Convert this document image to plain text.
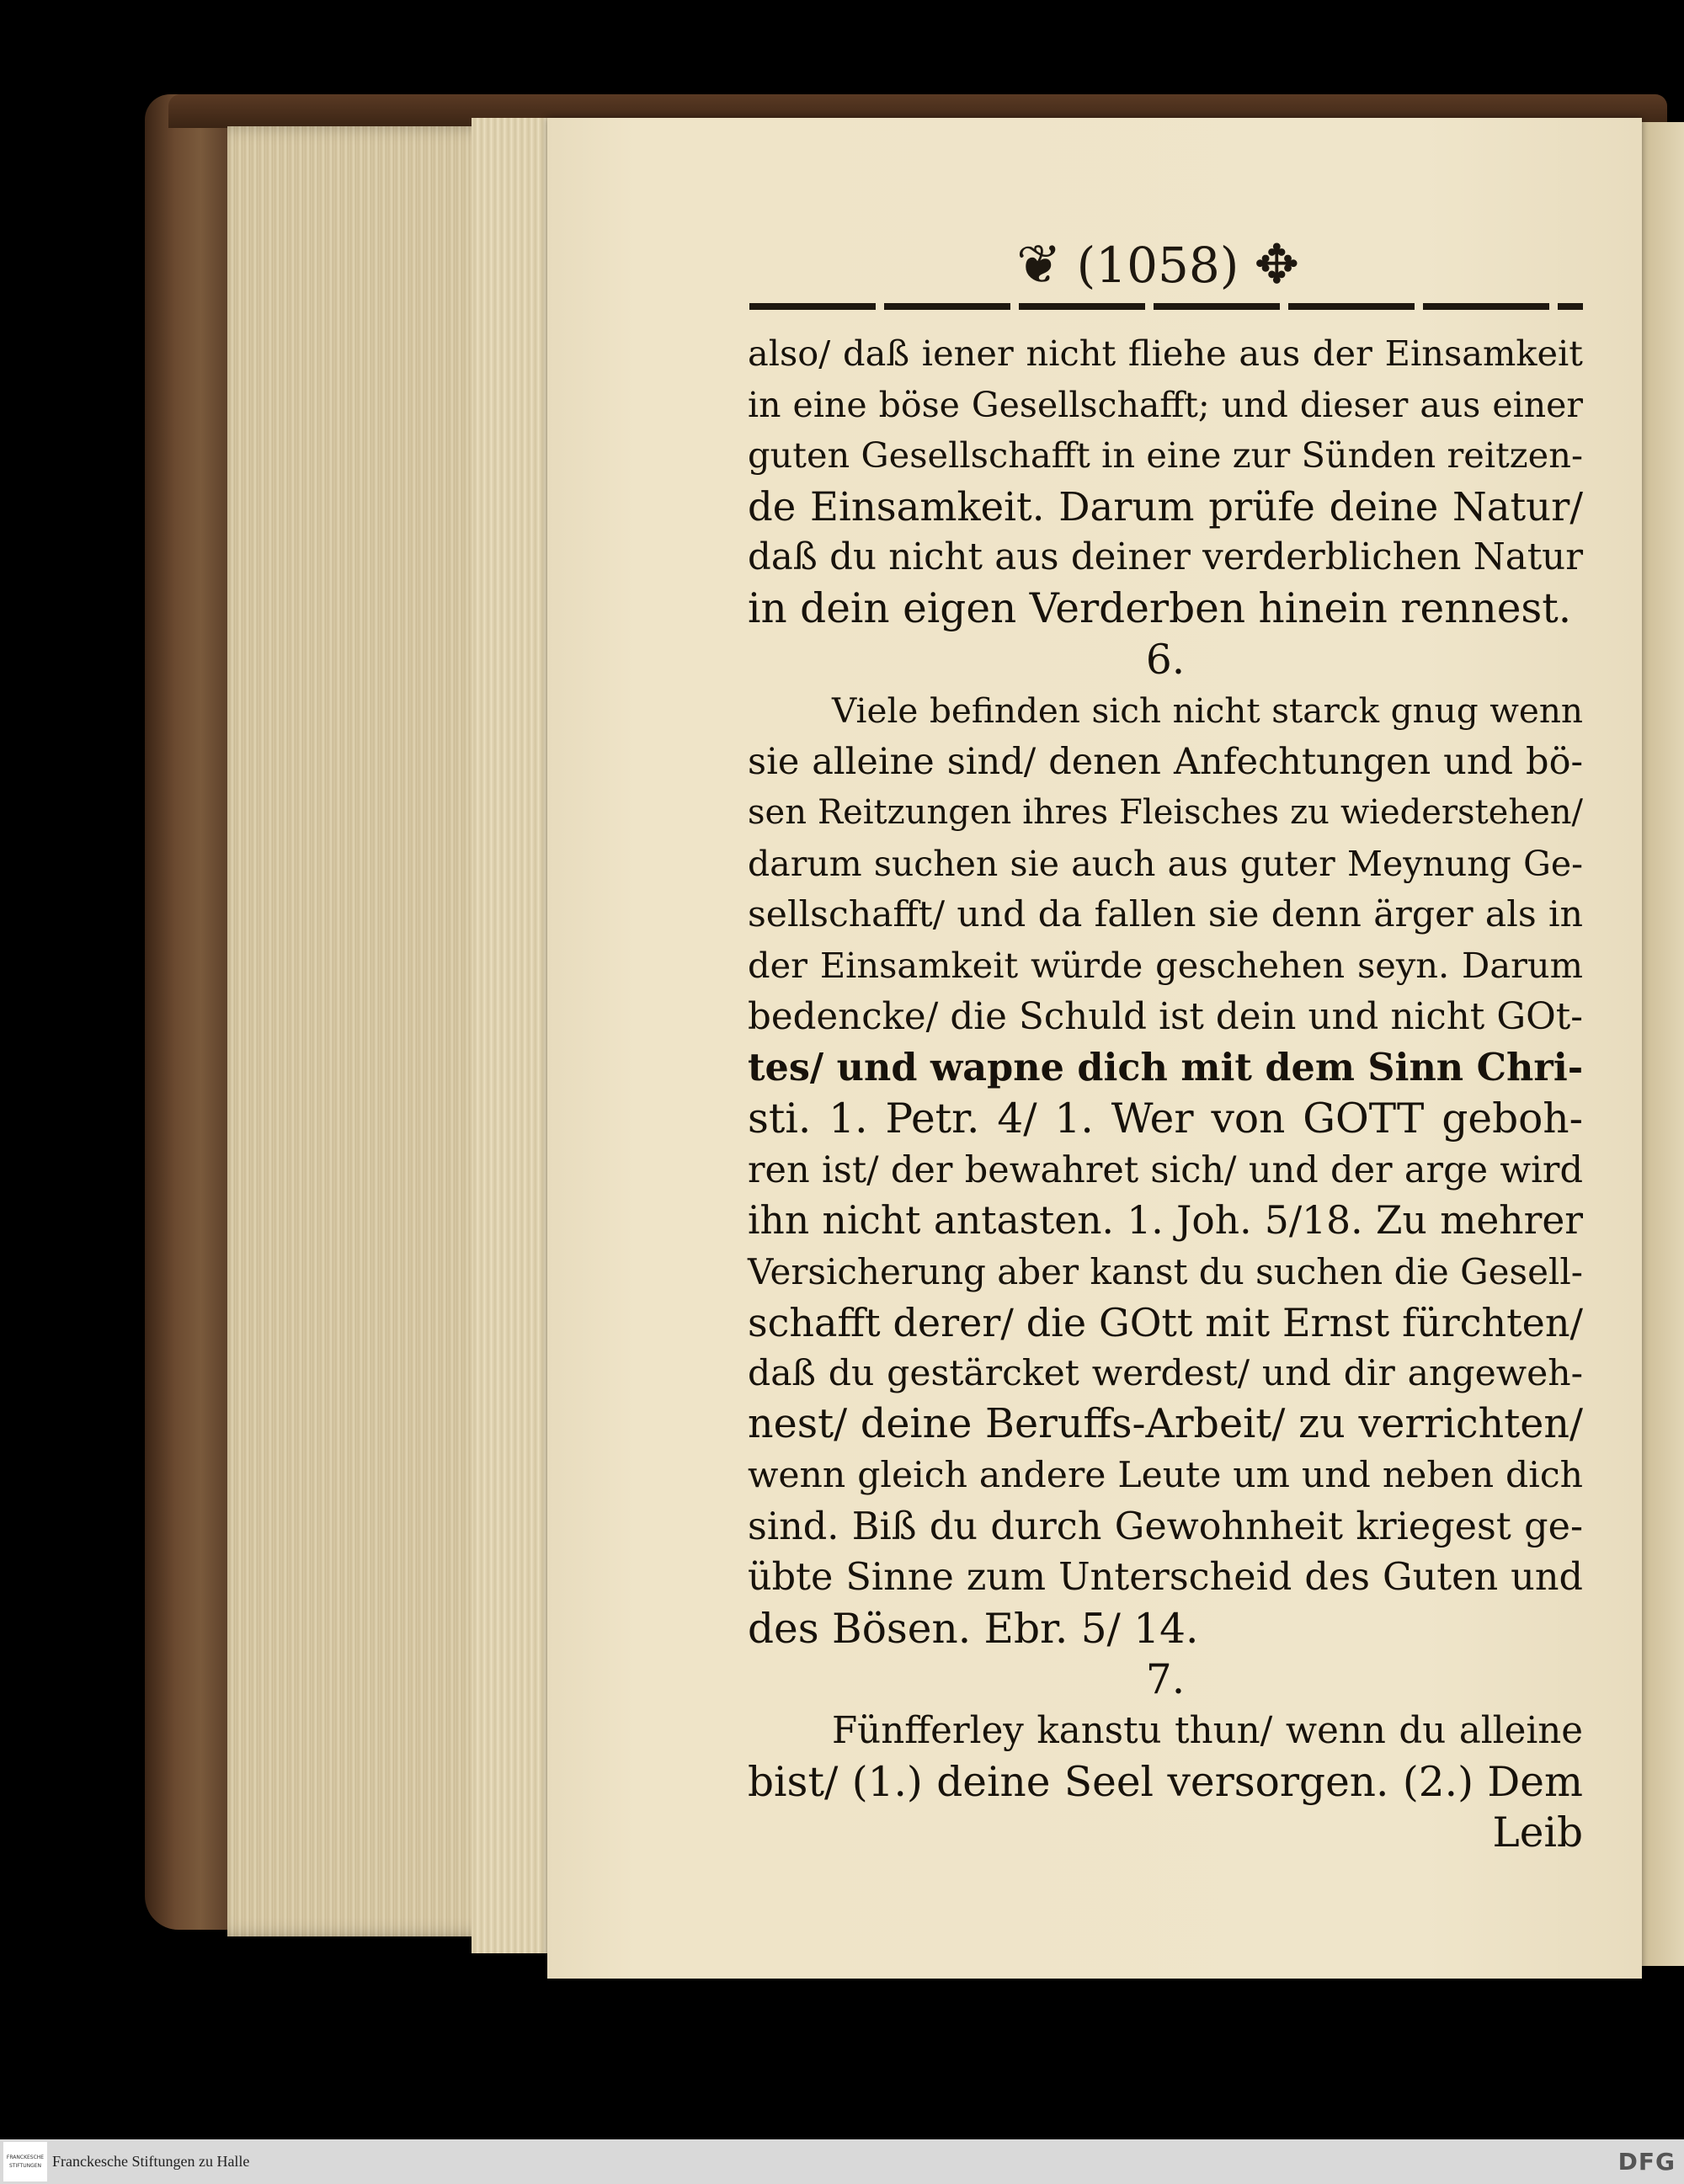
❦ (1058) ✥
also/ daß iener nicht fliehe aus der Einsamkeit
in eine böse Gesellschafft; und dieser aus einer
guten Gesellschafft in eine zur Sünden reitzen-
de Einsamkeit. Darum prüfe deine Natur/
daß du nicht aus deiner verderblichen Natur
in dein eigen Verderben hinein rennest.
6.
Viele befinden sich nicht starck gnug wenn
sie alleine sind/ denen Anfechtungen und bö-
sen Reitzungen ihres Fleisches zu wiederstehen/
darum suchen sie auch aus guter Meynung Ge-
sellschafft/ und da fallen sie denn ärger als in
der Einsamkeit würde geschehen seyn. Darum
bedencke/ die Schuld ist dein und nicht GOt-
tes/ und wapne dich mit dem Sinn Chri-
sti. 1. Petr. 4/ 1. Wer von GOTT geboh-
ren ist/ der bewahret sich/ und der arge wird
ihn nicht antasten. 1. Joh. 5/18. Zu mehrer
Versicherung aber kanst du suchen die Gesell-
schafft derer/ die GOtt mit Ernst fürchten/
daß du gestärcket werdest/ und dir angeweh-
nest/ deine Beruffs-Arbeit/ zu verrichten/
wenn gleich andere Leute um und neben dich
sind. Biß du durch Gewohnheit kriegest ge-
übte Sinne zum Unterscheid des Guten und
des Bösen. Ebr. 5/ 14.
7.
Fünfferley kanstu thun/ wenn du alleine
bist/ (1.) deine Seel versorgen. (2.) Dem
Leib
FRANCKESCHE STIFTUNGEN Franckesche Stiftungen zu Halle	DFG
